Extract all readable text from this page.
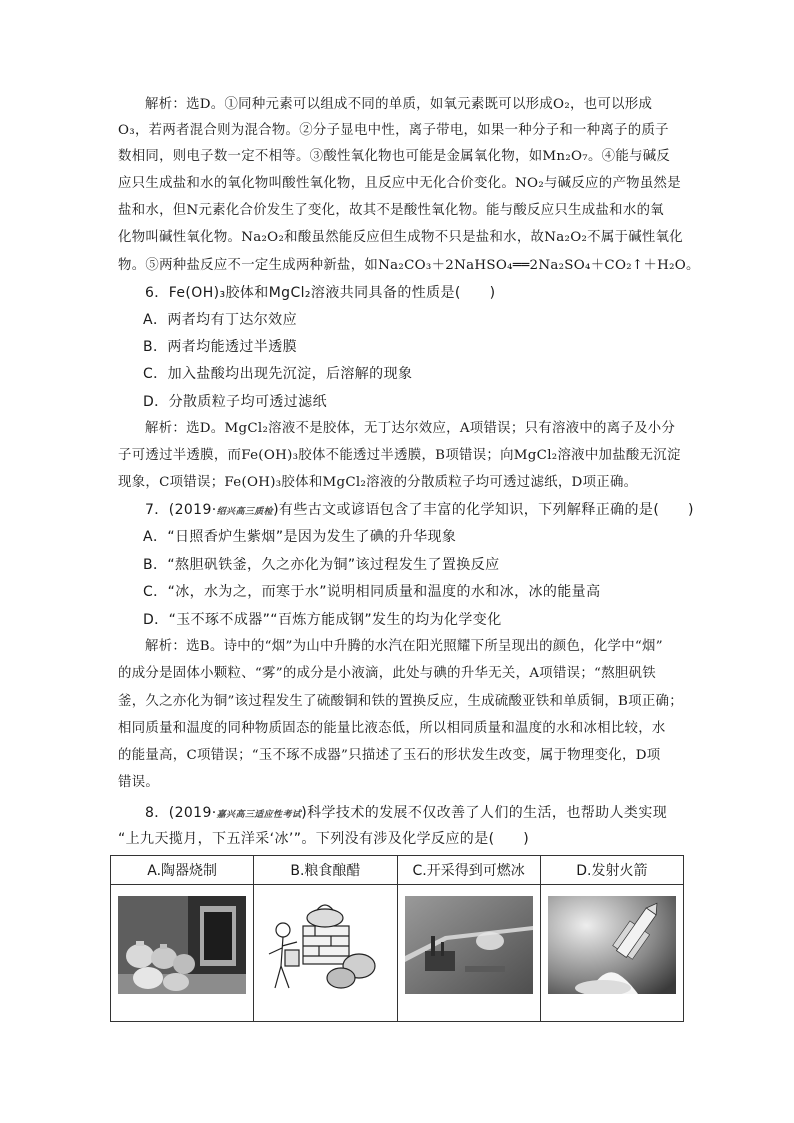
解析：选D。①同种元素可以组成不同的单质，如氧元素既可以形成O₂，也可以形成
O₃，若两者混合则为混合物。②分子显电中性，离子带电，如果一种分子和一种离子的质子
数相同，则电子数一定不相等。③酸性氧化物也可能是金属氧化物，如Mn₂O₇。④能与碱反
应只生成盐和水的氧化物叫酸性氧化物，且反应中无化合价变化。NO₂与碱反应的产物虽然是
盐和水，但N元素化合价发生了变化，故其不是酸性氧化物。能与酸反应只生成盐和水的氧
化物叫碱性氧化物。Na₂O₂和酸虽然能反应但生成物不只是盐和水，故Na₂O₂不属于碱性氧化
物。⑤两种盐反应不一定生成两种新盐，如Na₂CO₃＋2NaHSO₄══2Na₂SO₄＋CO₂↑＋H₂O。
6．Fe(OH)₃胶体和MgCl₂溶液共同具备的性质是(　　)
A．两者均有丁达尔效应
B．两者均能透过半透膜
C．加入盐酸均出现先沉淀，后溶解的现象
D．分散质粒子均可透过滤纸
解析：选D。MgCl₂溶液不是胶体，无丁达尔效应，A项错误；只有溶液中的离子及小分
子可透过半透膜，而Fe(OH)₃胶体不能透过半透膜，B项错误；向MgCl₂溶液中加盐酸无沉淀
现象，C项错误；Fe(OH)₃胶体和MgCl₂溶液的分散质粒子均可透过滤纸，D项正确。
7．(2019·绍兴高三质检)有些古文或谚语包含了丰富的化学知识，下列解释正确的是(　　)
A．“日照香炉生紫烟”是因为发生了碘的升华现象
B．“熬胆矾铁釜，久之亦化为铜”该过程发生了置换反应
C．“冰，水为之，而寒于水”说明相同质量和温度的水和冰，冰的能量高
D．“玉不琢不成器”“百炼方能成钢”发生的均为化学变化
解析：选B。诗中的“烟”为山中升腾的水汽在阳光照耀下所呈现出的颜色，化学中“烟”
的成分是固体小颗粒、“雾”的成分是小液滴，此处与碘的升华无关，A项错误；“熬胆矾铁
釜，久之亦化为铜”该过程发生了硫酸铜和铁的置换反应，生成硫酸亚铁和单质铜，B项正确；
相同质量和温度的同种物质固态的能量比液态低，所以相同质量和温度的水和冰相比较，水
的能量高，C项错误；“玉不琢不成器”只描述了玉石的形状发生改变，属于物理变化，D项
错误。
8．(2019·嘉兴高三适应性考试)科学技术的发展不仅改善了人们的生活，也帮助人类实现
“上九天揽月，下五洋采‘冰’”。下列没有涉及化学反应的是(　　)
A.陶器烧制	B.粮食酿醋	C.开采得到可燃冰	D.发射火箭
